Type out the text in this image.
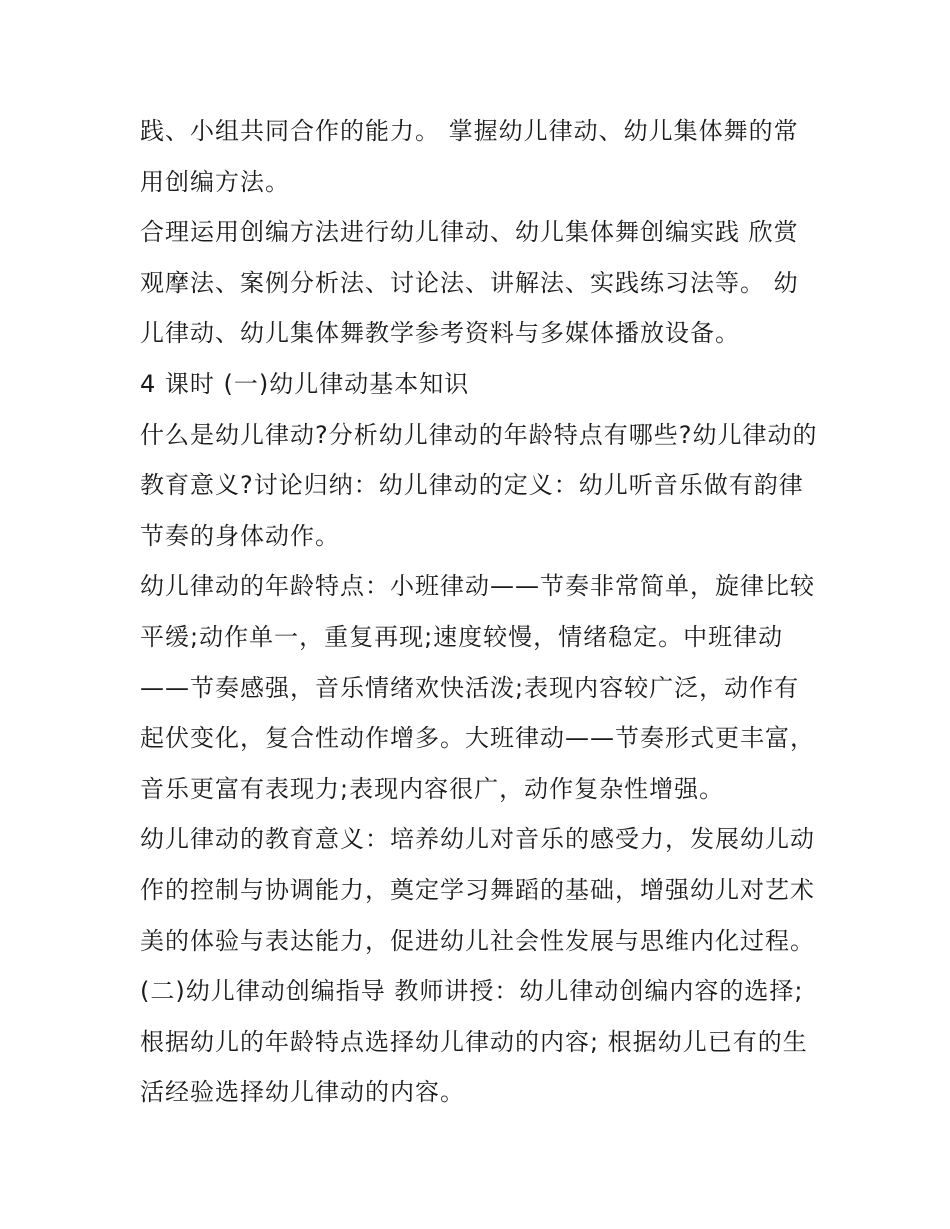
践、小组共同合作的能力。 掌握幼儿律动、幼儿集体舞的常
用创编方法。
合理运用创编方法进行幼儿律动、幼儿集体舞创编实践 欣赏
观摩法、案例分析法、讨论法、讲解法、实践练习法等。 幼
儿律动、幼儿集体舞教学参考资料与多媒体播放设备。
4 课时 (一)幼儿律动基本知识
什么是幼儿律动?分析幼儿律动的年龄特点有哪些?幼儿律动的
教育意义?讨论归纳：幼儿律动的定义：幼儿听音乐做有韵律
节奏的身体动作。
幼儿律动的年龄特点：小班律动——节奏非常简单，旋律比较
平缓;动作单一，重复再现;速度较慢，情绪稳定。中班律动
——节奏感强，音乐情绪欢快活泼;表现内容较广泛，动作有
起伏变化，复合性动作增多。大班律动——节奏形式更丰富，
音乐更富有表现力;表现内容很广，动作复杂性增强。
幼儿律动的教育意义：培养幼儿对音乐的感受力，发展幼儿动
作的控制与协调能力，奠定学习舞蹈的基础，增强幼儿对艺术
美的体验与表达能力，促进幼儿社会性发展与思维内化过程。
(二)幼儿律动创编指导 教师讲授：幼儿律动创编内容的选择;
根据幼儿的年龄特点选择幼儿律动的内容; 根据幼儿已有的生
活经验选择幼儿律动的内容。
